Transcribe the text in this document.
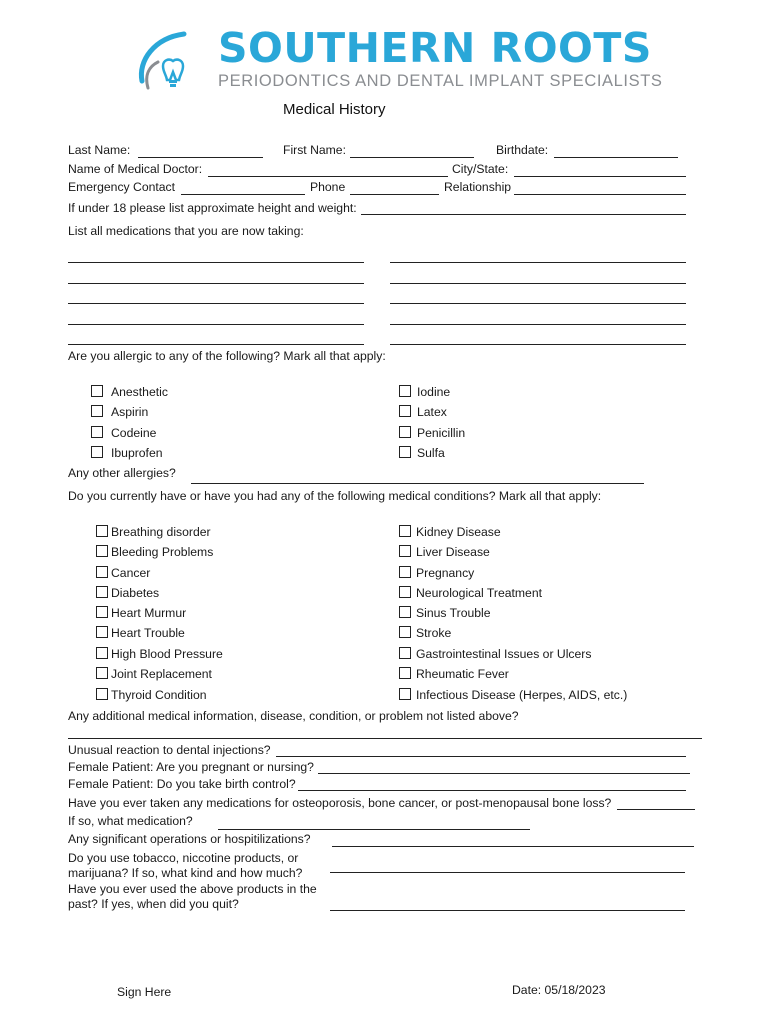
SOUTHERN ROOTS
PERIODONTICS AND DENTAL IMPLANT SPECIALISTS
Medical History
Last Name:	First Name:	Birthdate:
Name of Medical Doctor:	City/State:
Emergency Contact	Phone	Relationship
If under 18 please list approximate height and weight:
List all medications that you are now taking:
Are you allergic to any of the following? Mark all that apply:
Anesthetic
Aspirin
Codeine
Ibuprofen
Iodine
Latex
Penicillin
Sulfa
Any other allergies?
Do you currently have or have you had any of the following medical conditions? Mark all that apply:
Breathing disorder
Bleeding Problems
Cancer
Diabetes
Heart Murmur
Heart Trouble
High Blood Pressure
Joint Replacement
Thyroid Condition
Kidney Disease
Liver Disease
Pregnancy
Neurological Treatment
Sinus Trouble
Stroke
Gastrointestinal Issues or Ulcers
Rheumatic Fever
Infectious Disease (Herpes, AIDS, etc.)
Any additional medical information, disease, condition, or problem not listed above?
Unusual reaction to dental injections?
Female Patient: Are you pregnant or nursing?
Female Patient: Do you take birth control?
Have you ever taken any medications for osteoporosis, bone cancer, or post-menopausal bone loss?
If so, what medication?
Any significant operations or hospitilizations?
Do you use tobacco, niccotine products, or
marijuana? If so, what kind and how much?
Have you ever used the above products in the
past? If yes, when did you quit?
Sign Here	Date: 05/18/2023
